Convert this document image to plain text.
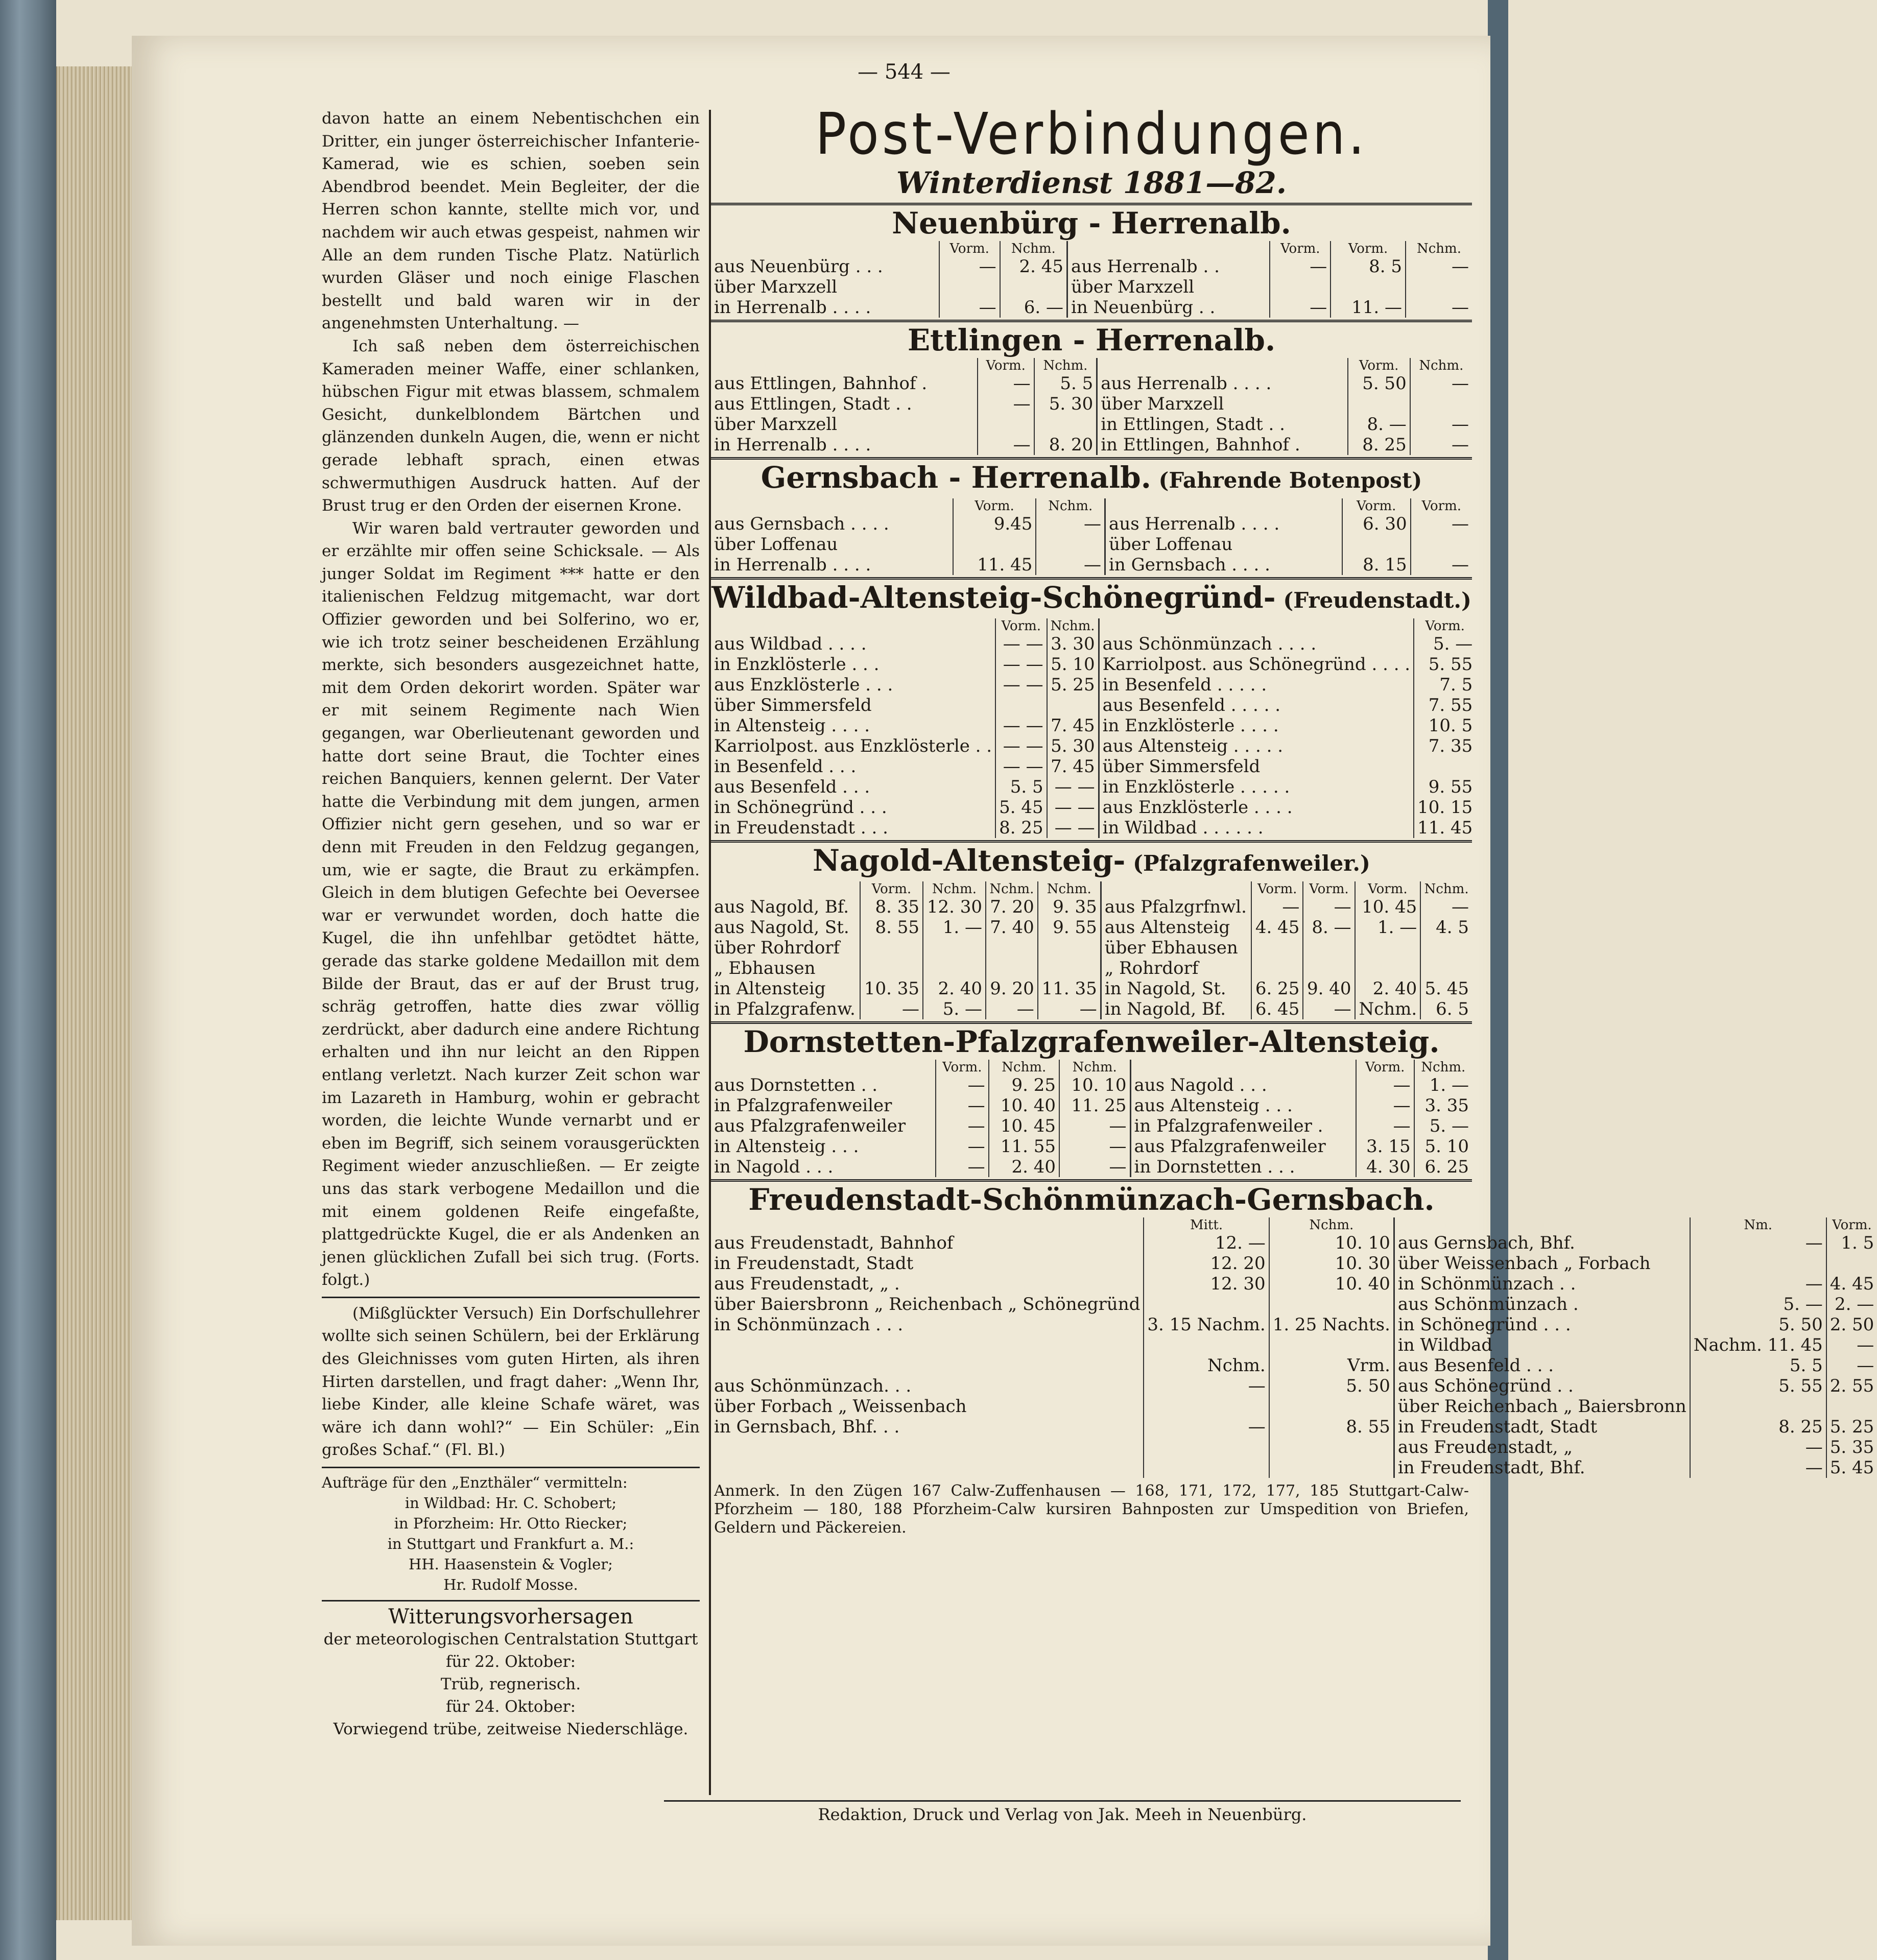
— 544 —

davon hatte an einem Nebentischchen ein Dritter, ein junger österreichischer Infanterie-Kamerad, wie es schien, soeben sein Abendbrod beendet. Mein Begleiter, der die Herren schon kannte, stellte mich vor, und nachdem wir auch etwas gespeist, nahmen wir Alle an dem runden Tische Platz. Natürlich wurden Gläser und noch einige Flaschen bestellt und bald waren wir in der angenehmsten Unterhaltung. —

Ich saß neben dem österreichischen Kameraden meiner Waffe, einer schlanken, hübschen Figur mit etwas blassem, schmalem Gesicht, dunkelblondem Bärtchen und glänzenden dunkeln Augen, die, wenn er nicht gerade lebhaft sprach, einen etwas schwermuthigen Ausdruck hatten. Auf der Brust trug er den Orden der eisernen Krone.

Wir waren bald vertrauter geworden und er erzählte mir offen seine Schicksale. — Als junger Soldat im Regiment *** hatte er den italienischen Feldzug mitgemacht, war dort Offizier geworden und bei Solferino, wo er, wie ich trotz seiner bescheidenen Erzählung merkte, sich besonders ausgezeichnet hatte, mit dem Orden dekorirt worden. Später war er mit seinem Regimente nach Wien gegangen, war Oberlieutenant geworden und hatte dort seine Braut, die Tochter eines reichen Banquiers, kennen gelernt. Der Vater hatte die Verbindung mit dem jungen, armen Offizier nicht gern gesehen, und so war er denn mit Freuden in den Feldzug gegangen, um, wie er sagte, die Braut zu erkämpfen. Gleich in dem blutigen Gefechte bei Oeversee war er verwundet worden, doch hatte die Kugel, die ihn unfehlbar getödtet hätte, gerade das starke goldene Medaillon mit dem Bilde der Braut, das er auf der Brust trug, schräg getroffen, hatte dies zwar völlig zerdrückt, aber dadurch eine andere Richtung erhalten und ihn nur leicht an den Rippen entlang verletzt. Nach kurzer Zeit schon war im Lazareth in Hamburg, wohin er gebracht worden, die leichte Wunde vernarbt und er eben im Begriff, sich seinem vorausgerückten Regiment wieder anzuschließen. — Er zeigte uns das stark verbogene Medaillon und die mit einem goldenen Reife eingefaßte, plattgedrückte Kugel, die er als Andenken an jenen glücklichen Zufall bei sich trug. (Forts. folgt.)

(Mißglückter Versuch) Ein Dorfschullehrer wollte sich seinen Schülern, bei der Erklärung des Gleichnisses vom guten Hirten, als ihren Hirten darstellen, und fragt daher: „Wenn Ihr, liebe Kinder, alle kleine Schafe wäret, was wäre ich dann wohl?“ — Ein Schüler: „Ein großes Schaf.“ (Fl. Bl.)

Aufträge für den „Enzthäler“ vermitteln:
in Wildbad: Hr. C. Schobert;
in Pforzheim: Hr. Otto Riecker;
in Stuttgart und Frankfurt a. M.:
HH. Haasenstein & Vogler;
Hr. Rudolf Mosse.
Witterungsvorhersagen
der meteorologischen Centralstation Stuttgart
für 22. Oktober:
Trüb, regnerisch.
für 24. Oktober:
Vorwiegend trübe, zeitweise Niederschläge.
Post-Verbindungen.
Winterdienst 1881—82.
Neuenbürg - Herrenalb.
	Vorm.	Nchm.		Vorm.	Vorm.	Nchm.
aus Neuenbürg . . .	—	2. 45	aus Herrenalb . .	—	8. 5	—
über Marxzell			über Marxzell			
in Herrenalb . . . .	—	6. —	in Neuenbürg . .	—	11. —	—
Ettlingen - Herrenalb.
	Vorm.	Nchm.		Vorm.	Nchm.
aus Ettlingen, Bahnhof .	—	5. 5	aus Herrenalb . . . .	5. 50	—
aus Ettlingen, Stadt . .	—	5. 30	über Marxzell		
über Marxzell			in Ettlingen, Stadt . .	8. —	—
in Herrenalb . . . .	—	8. 20	in Ettlingen, Bahnhof .	8. 25	—
Gernsbach - Herrenalb. (Fahrende Botenpost)
	Vorm.	Nchm.		Vorm.	Vorm.
aus Gernsbach . . . .	9.45	—	aus Herrenalb . . . .	6. 30	—
über Loffenau			über Loffenau		
in Herrenalb . . . .	11. 45	—	in Gernsbach . . . .	8. 15	—
Wildbad-Altensteig-Schönegründ- (Freudenstadt.)
	Vorm.	Nchm.		Vorm.
aus Wildbad . . . .	— —	3. 30	aus Schönmünzach . . . .	5. —
in Enzklösterle . . .	— —	5. 10	Karriolpost. aus Schönegründ . . . .	5. 55
aus Enzklösterle . . .	— —	5. 25	in Besenfeld . . . . .	7. 5
über Simmersfeld			aus Besenfeld . . . . .	7. 55
in Altensteig . . . .	— —	7. 45	in Enzklösterle . . . .	10. 5
Karriolpost. aus Enzklösterle . .	— —	5. 30	aus Altensteig . . . . .	7. 35
in Besenfeld . . .	— —	7. 45	über Simmersfeld	
aus Besenfeld . . .	5. 5	— —	in Enzklösterle . . . . .	9. 55
in Schönegründ . . .	5. 45	— —	aus Enzklösterle . . . .	10. 15
in Freudenstadt . . .	8. 25	— —	in Wildbad . . . . . .	11. 45
Nagold-Altensteig- (Pfalzgrafenweiler.)
	Vorm.	Nchm.	Nchm.	Nchm.		Vorm.	Vorm.	Vorm.	Nchm.
aus Nagold, Bf.	8. 35	12. 30	7. 20	9. 35	aus Pfalzgrfnwl.	—	—	10. 45	—
aus Nagold, St.	8. 55	1. —	7. 40	9. 55	aus Altensteig	4. 45	8. —	1. —	4. 5
über Rohrdorf					über Ebhausen				
„ Ebhausen					„ Rohrdorf				
in Altensteig	10. 35	2. 40	9. 20	11. 35	in Nagold, St.	6. 25	9. 40	2. 40	5. 45
in Pfalzgrafenw.	—	5. —	—	—	in Nagold, Bf.	6. 45	—	Nchm.	6. 5
Dornstetten-Pfalzgrafenweiler-Altensteig.
	Vorm.	Nchm.	Nchm.		Vorm.	Nchm.
aus Dornstetten . .	—	9. 25	10. 10	aus Nagold . . .	—	1. —
in Pfalzgrafenweiler	—	10. 40	11. 25	aus Altensteig . . .	—	3. 35
aus Pfalzgrafenweiler	—	10. 45	—	in Pfalzgrafenweiler .	—	5. —
in Altensteig . . .	—	11. 55	—	aus Pfalzgrafenweiler	3. 15	5. 10
in Nagold . . .	—	2. 40	—	in Dornstetten . . .	4. 30	6. 25
Freudenstadt-Schönmünzach-Gernsbach.
	Mitt.	Nchm.		Nm.	Vorm.
aus Freudenstadt, Bahnhof	12. —	10. 10	aus Gernsbach, Bhf.	—	1. 5
in Freudenstadt, Stadt	12. 20	10. 30	über Weissenbach „ Forbach		
aus Freudenstadt, „ .	12. 30	10. 40	in Schönmünzach . .	—	4. 45
über Baiersbronn „ Reichenbach „ Schönegründ			aus Schönmünzach .	5. —	2. —
in Schönmünzach . . .	3. 15 Nachm.	1. 25 Nachts.	in Schönegründ . . .	5. 50	2. 50
			in Wildbad	Nachm. 11. 45	—
	Nchm.	Vrm.	aus Besenfeld . . .	5. 5	—
aus Schönmünzach. . .	—	5. 50	aus Schönegründ . .	5. 55	2. 55
über Forbach „ Weissenbach			über Reichenbach „ Baiersbronn		
in Gernsbach, Bhf. . .	—	8. 55	in Freudenstadt, Stadt	8. 25	5. 25
			aus Freudenstadt, „	—	5. 35
			in Freudenstadt, Bhf.	—	5. 45
Anmerk. In den Zügen 167 Calw-Zuffenhausen — 168, 171, 172, 177, 185 Stuttgart-Calw-Pforzheim — 180, 188 Pforzheim-Calw kursiren Bahnposten zur Umspedition von Briefen, Geldern und Päckereien.
Redaktion, Druck und Verlag von Jak. Meeh in Neuenbürg.
